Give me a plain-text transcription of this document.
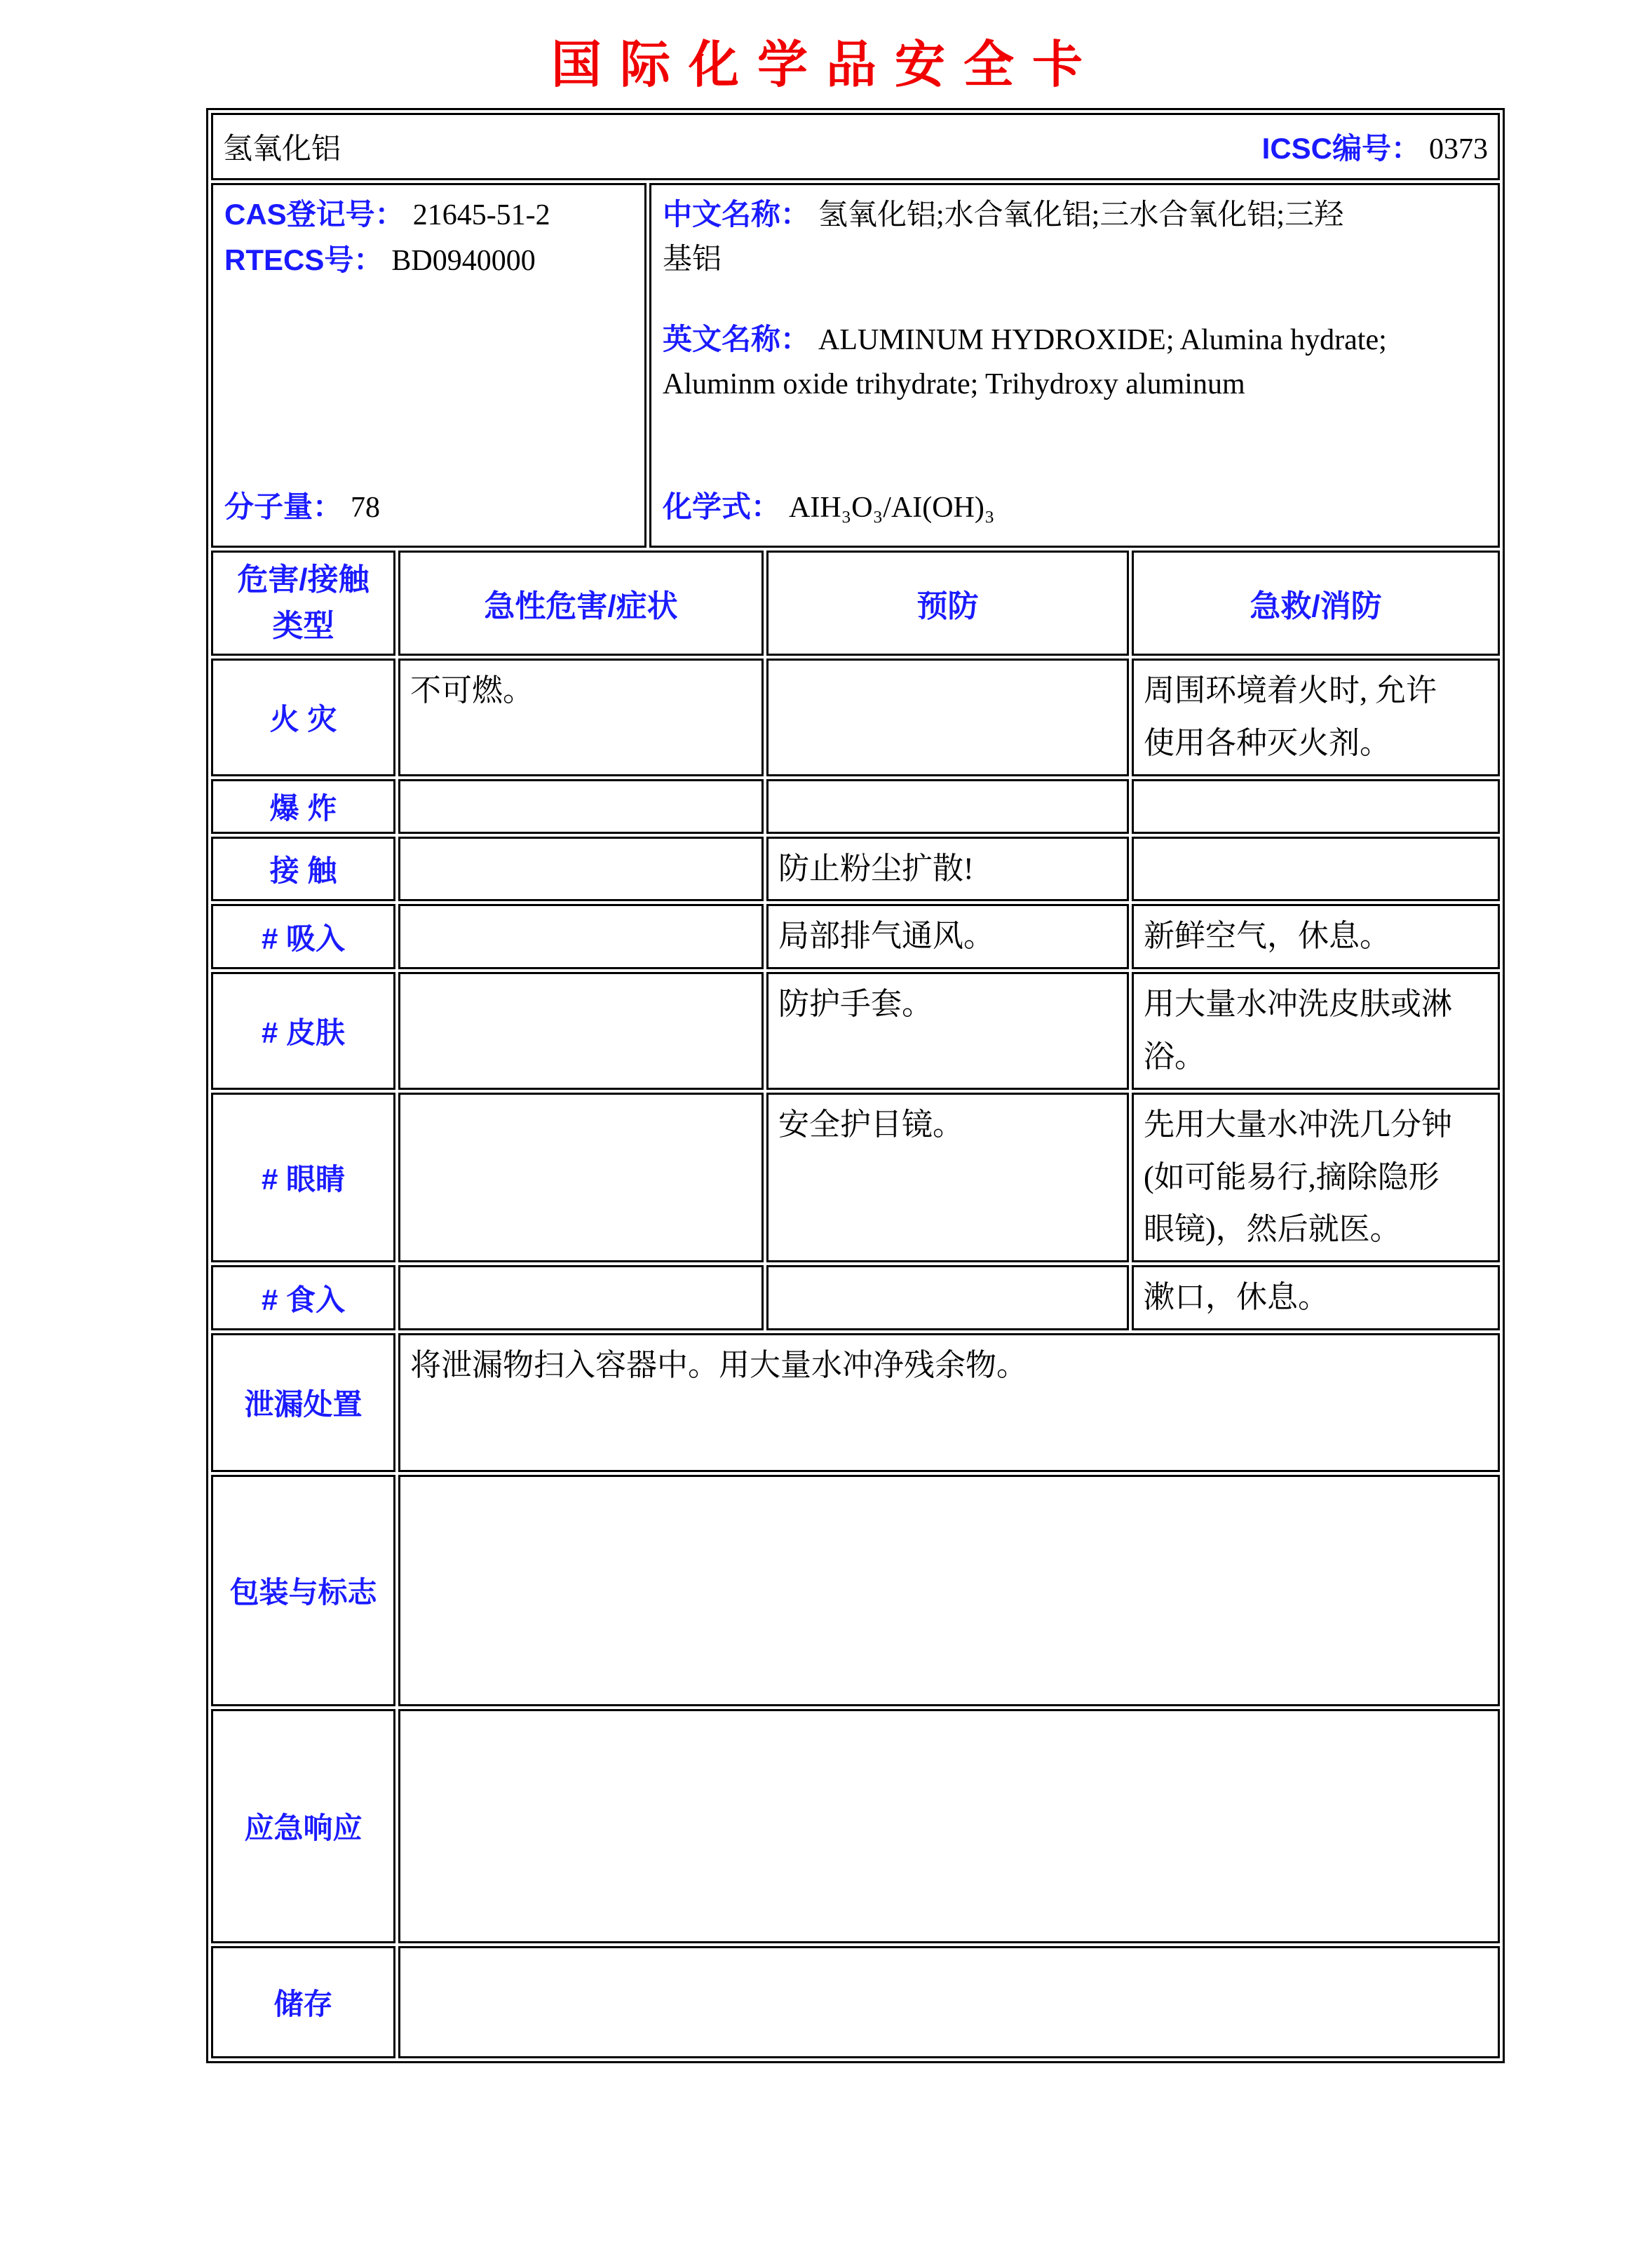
国际化学品安全卡
氢氧化铝 ICSC编号： 0373				

CAS登记号： 21645-51-2

RTECS号： BD0940000

分子量： 78

中文名称： 氢氧化铝;水合氧化铝;三水合氧化铝;三羟基铝

英文名称： ALUMINUM HYDROXIDE; Alumina hydrate; Aluminm oxide trihydrate; Trihydroxy aluminum

化学式： AIH₃O₃/AI(OH)₃

危害/接触类型	急性危害/症状		预防	急救/消防
火 灾	不可燃。			周围环境着火时, 允许使用各种灭火剂。
爆 炸				
接 触			防止粉尘扩散!	
# 吸入			局部排气通风。	新鲜空气，休息。
# 皮肤			防护手套。	用大量水冲洗皮肤或淋浴。
# 眼睛			安全护目镜。	先用大量水冲洗几分钟(如可能易行,摘除隐形眼镜)，然后就医。
# 食入				漱口，休息。
泄漏处置	将泄漏物扫入容器中。用大量水冲净残余物。			
包装与标志				
应急响应				
储存				
